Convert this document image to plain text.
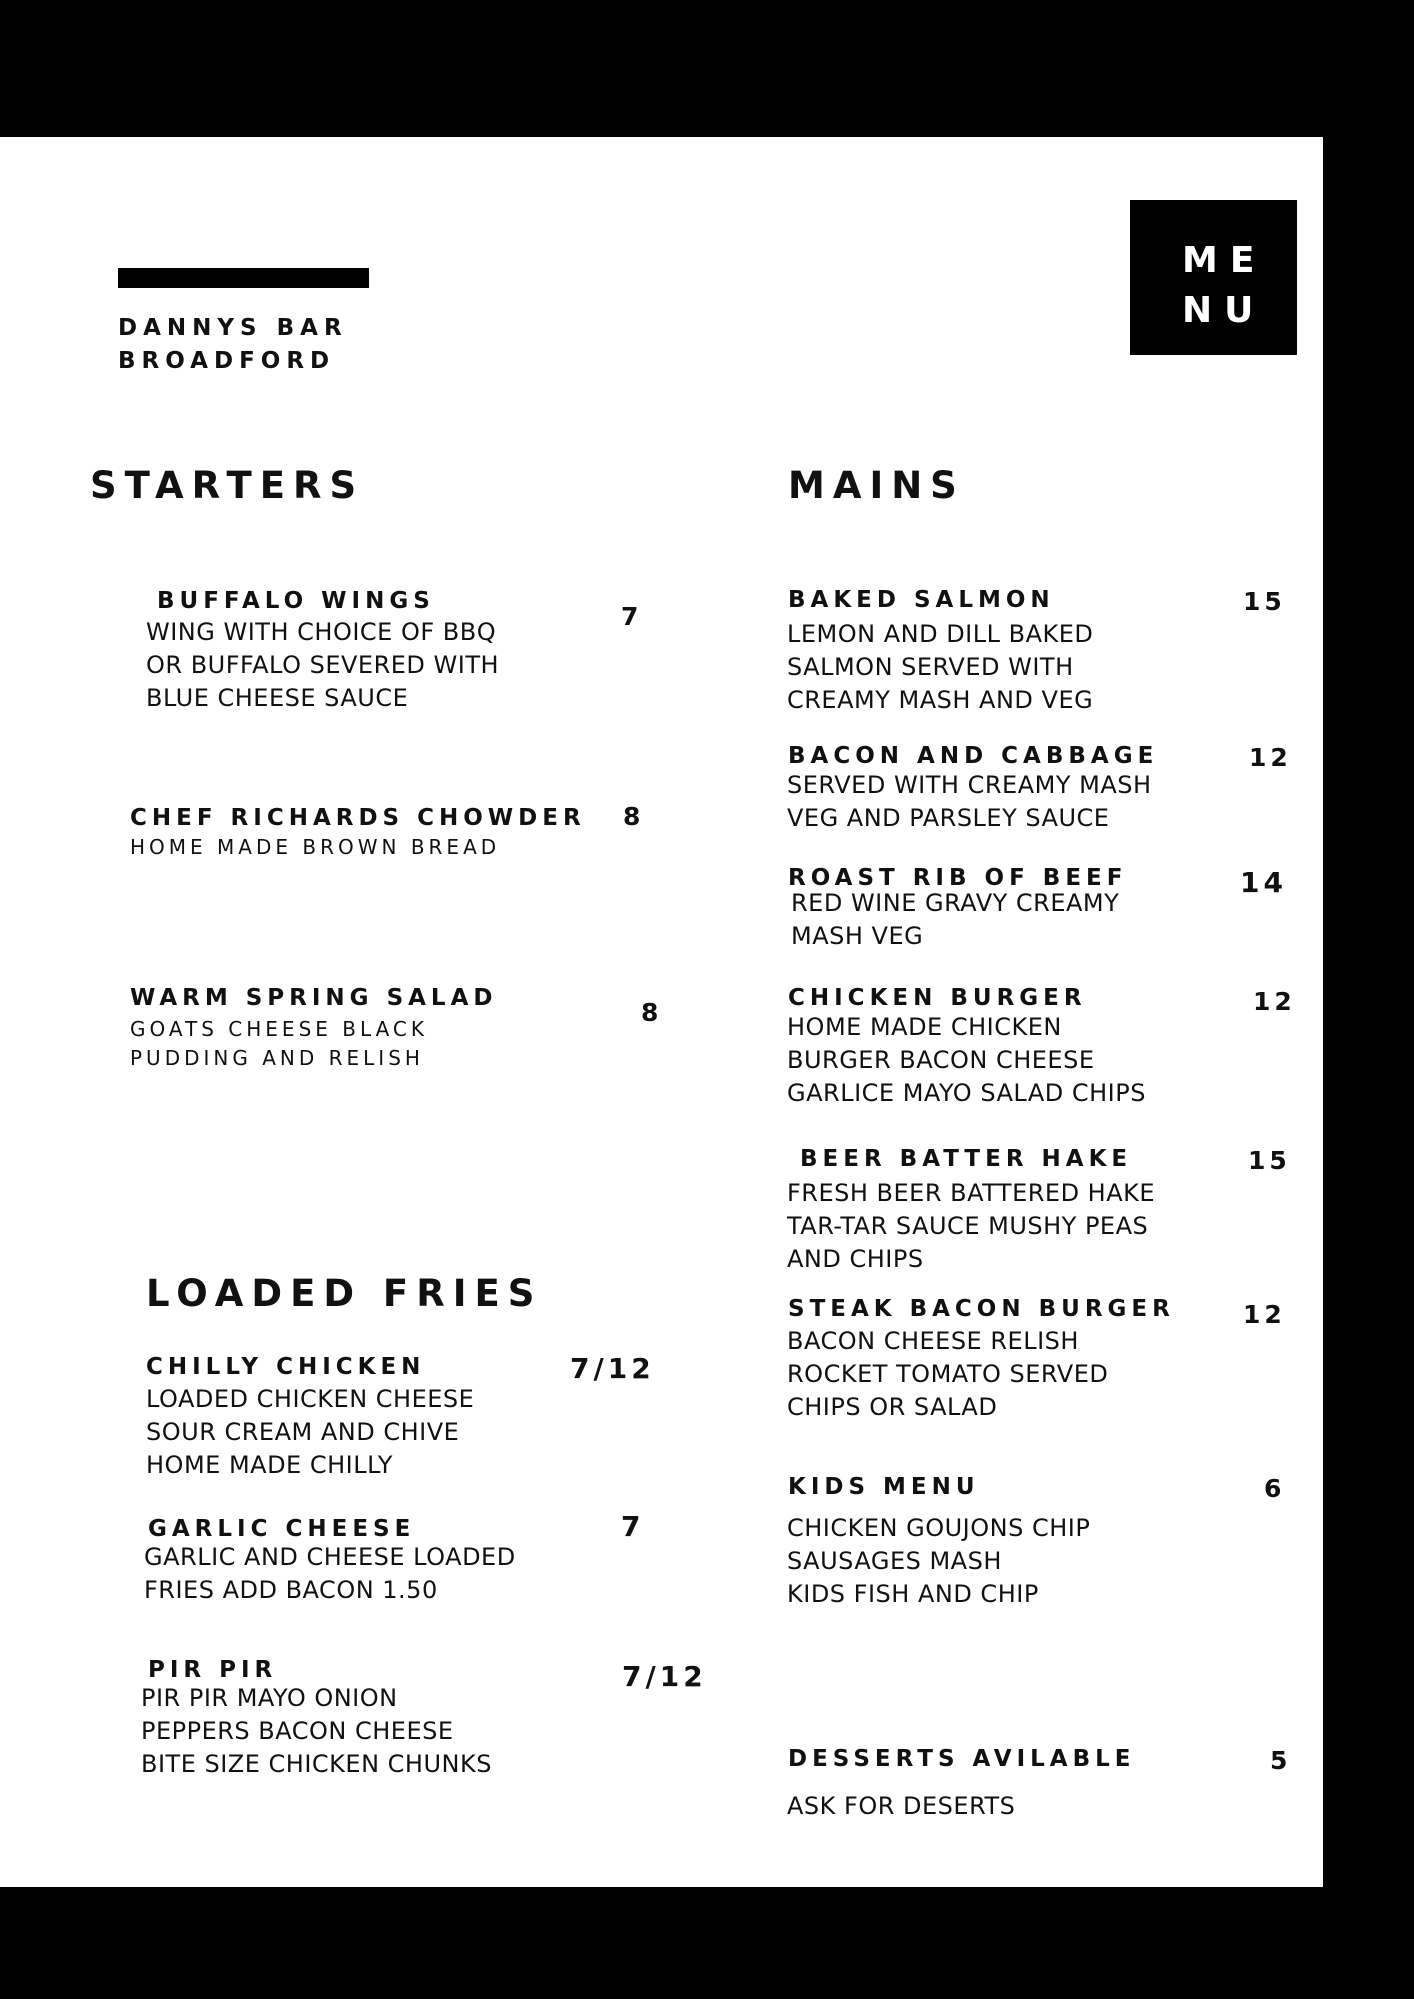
DANNYS BAR
BROADFORD
ME
NU
STARTERS	MAINS
LOADED FRIES
BUFFALO WINGS
7
WING WITH CHOICE OF BBQ
OR BUFFALO SEVERED WITH
BLUE CHEESE SAUCE
CHEF RICHARDS CHOWDER 8
HOME MADE BROWN BREAD
WARM SPRING SALAD	8
GOATS CHEESE BLACK
PUDDING AND RELISH
CHILLY CHICKEN	7/12
LOADED CHICKEN CHEESE
SOUR CREAM AND CHIVE
HOME MADE CHILLY
GARLIC CHEESE	7
GARLIC AND CHEESE LOADED
FRIES ADD BACON 1.50
PIR PIR	7/12
PIR PIR MAYO ONION
PEPPERS BACON CHEESE
BITE SIZE CHICKEN CHUNKS
BAKED SALMON	15
LEMON AND DILL BAKED
SALMON SERVED WITH
CREAMY MASH AND VEG
BACON AND CABBAGE	12
SERVED WITH CREAMY MASH
VEG AND PARSLEY SAUCE
ROAST RIB OF BEEF	14
RED WINE GRAVY CREAMY
MASH VEG
CHICKEN BURGER	12
HOME MADE CHICKEN
BURGER BACON CHEESE
GARLICE MAYO SALAD CHIPS
BEER BATTER HAKE	15
FRESH BEER BATTERED HAKE
TAR-TAR SAUCE MUSHY PEAS
AND CHIPS
STEAK BACON BURGER	12
BACON CHEESE RELISH
ROCKET TOMATO SERVED
CHIPS OR SALAD
KIDS MENU	6
CHICKEN GOUJONS CHIP
SAUSAGES MASH
KIDS FISH AND CHIP
DESSERTS AVILABLE	5
ASK FOR DESERTS
